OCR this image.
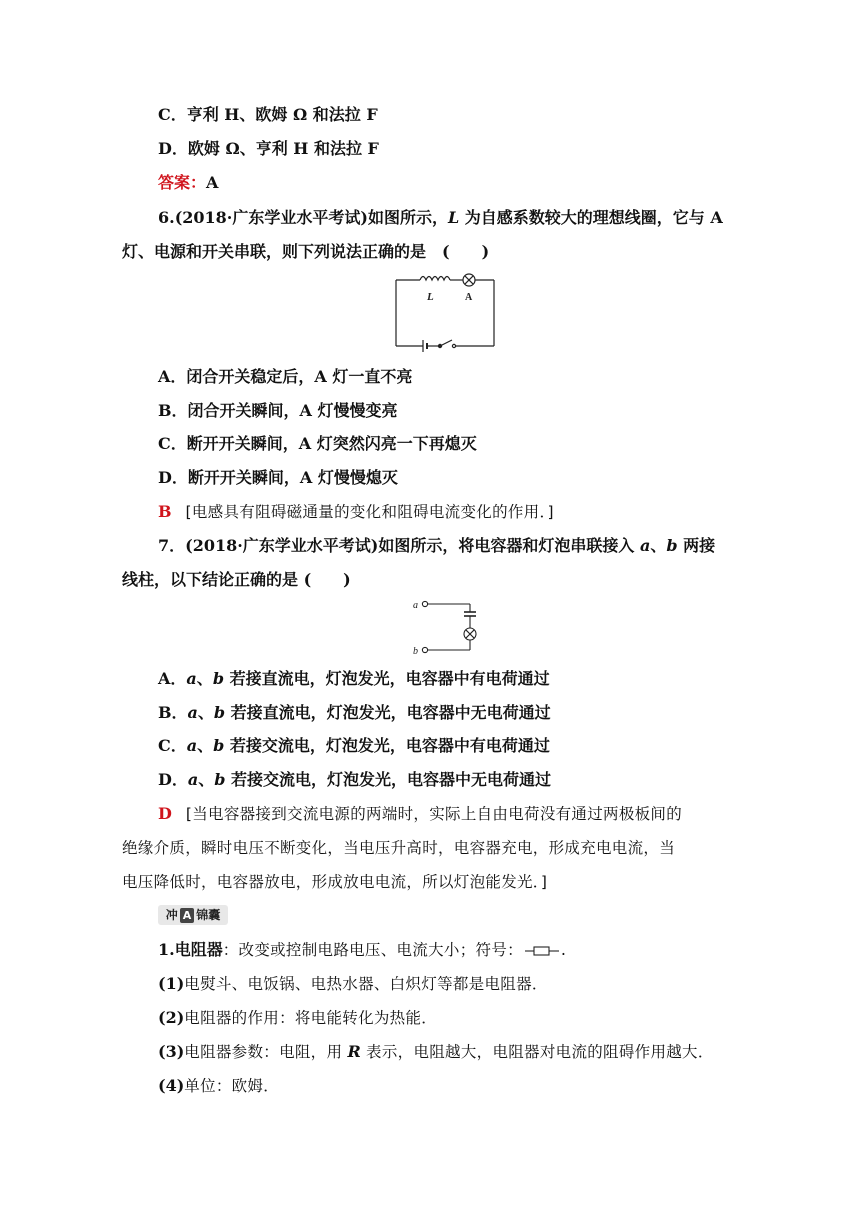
C．亨利 H、欧姆 Ω 和法拉 F
D．欧姆 Ω、亨利 H 和法拉 F
答案：A
6.(2018·广东学业水平考试)如图所示，L 为自感系数较大的理想线圈，它与 A
灯、电源和开关串联，则下列说法正确的是　(　　)
L	A
A．闭合开关稳定后，A 灯一直不亮
B．闭合开关瞬间，A 灯慢慢变亮
C．断开开关瞬间，A 灯突然闪亮一下再熄灭
D．断开开关瞬间，A 灯慢慢熄灭
B [电感具有阻碍磁通量的变化和阻碍电流变化的作用．]
7．(2018·广东学业水平考试)如图所示，将电容器和灯泡串联接入 a、b 两接
线柱，以下结论正确的是 (　　)
a
b
A．a、b 若接直流电，灯泡发光，电容器中有电荷通过
B．a、b 若接直流电，灯泡发光，电容器中无电荷通过
C．a、b 若接交流电，灯泡发光，电容器中有电荷通过
D．a、b 若接交流电，灯泡发光，电容器中无电荷通过
D [当电容器接到交流电源的两端时，实际上自由电荷没有通过两极板间的
绝缘介质，瞬时电压不断变化，当电压升高时，电容器充电，形成充电电流，当
电压降低时，电容器放电，形成放电电流，所以灯泡能发光．]
冲 A 锦囊
1.电阻器：改变或控制电路电压、电流大小；符号： .
(1)电熨斗、电饭锅、电热水器、白炽灯等都是电阻器．
(2)电阻器的作用：将电能转化为热能．
(3)电阻器参数：电阻，用 R 表示，电阻越大，电阻器对电流的阻碍作用越大．
(4)单位：欧姆．
